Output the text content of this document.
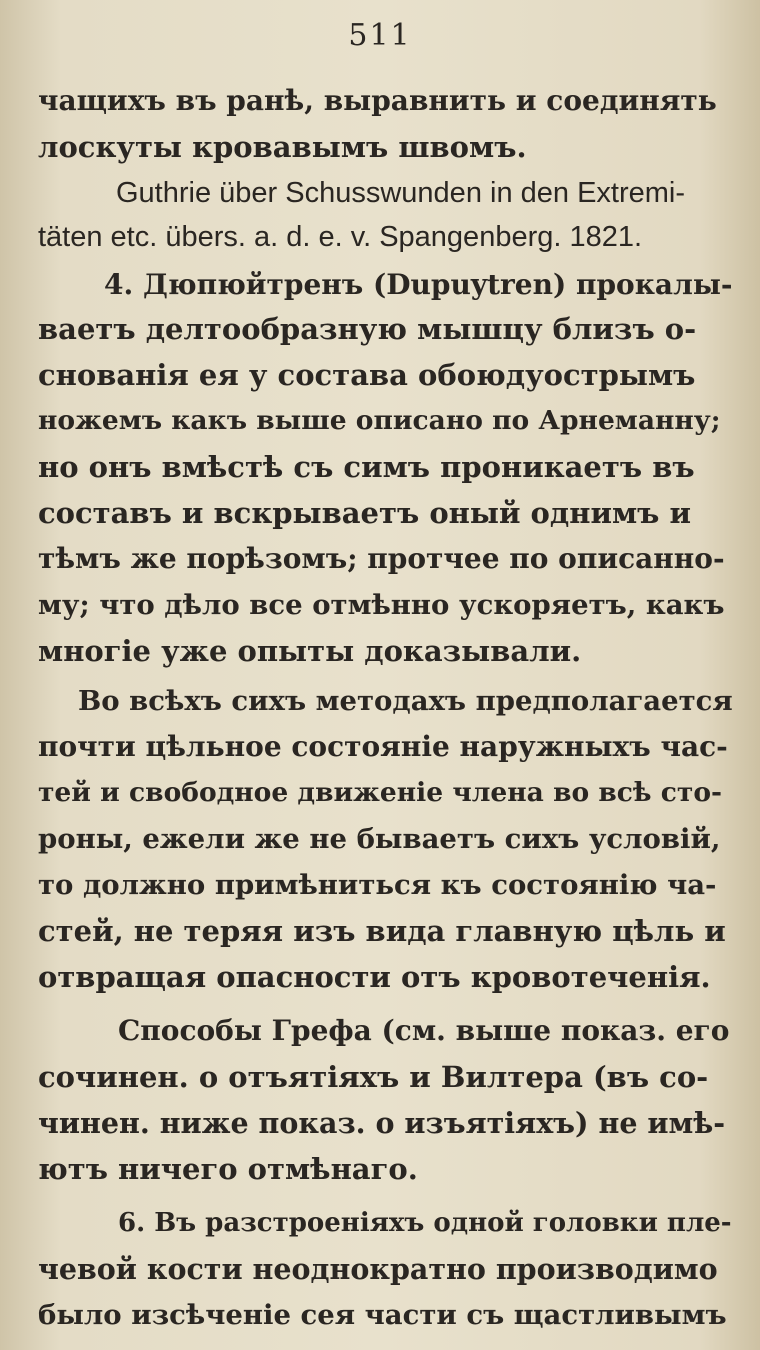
511
чащихъ въ ранѣ, выравнить и соединять
лоскуты кровавымъ швомъ.
Guthrie über Schusswunden in den Extremi-
täten etc. übers. a. d. e. v. Spangenberg. 1821.
4. Дюпюйтренъ (Dupuytren) прокалы-
ваетъ делтообразную мышцу близъ о-
снованія ея у состава обоюдуострымъ
ножемъ какъ выше описано по Арнеманну;
но онъ вмѣстѣ съ симъ проникаетъ въ
составъ и вскрываетъ оный однимъ и
тѣмъ же порѣзомъ; протчее по описанно-
му; что дѣло все отмѣнно ускоряетъ, какъ
многіе уже опыты доказывали.
Во всѣхъ сихъ методахъ предполагается
почти цѣльное состояніе наружныхъ час-
тей и свободное движеніе члена во всѣ сто-
роны, ежели же не бываетъ сихъ условій,
то должно примѣниться къ состоянію ча-
стей, не теряя изъ вида главную цѣль и
отвращая опасности отъ кровотеченія.
Способы Грефа (см. выше показ. его
сочинен. о отъятіяхъ и Вилтера (въ со-
чинен. ниже показ. о изъятіяхъ) не имѣ-
ютъ ничего отмѣнаго.
6. Въ разстроеніяхъ одной головки пле-
чевой кости неоднократно производимо
было изсѣченіе сея части съ щастливымъ
